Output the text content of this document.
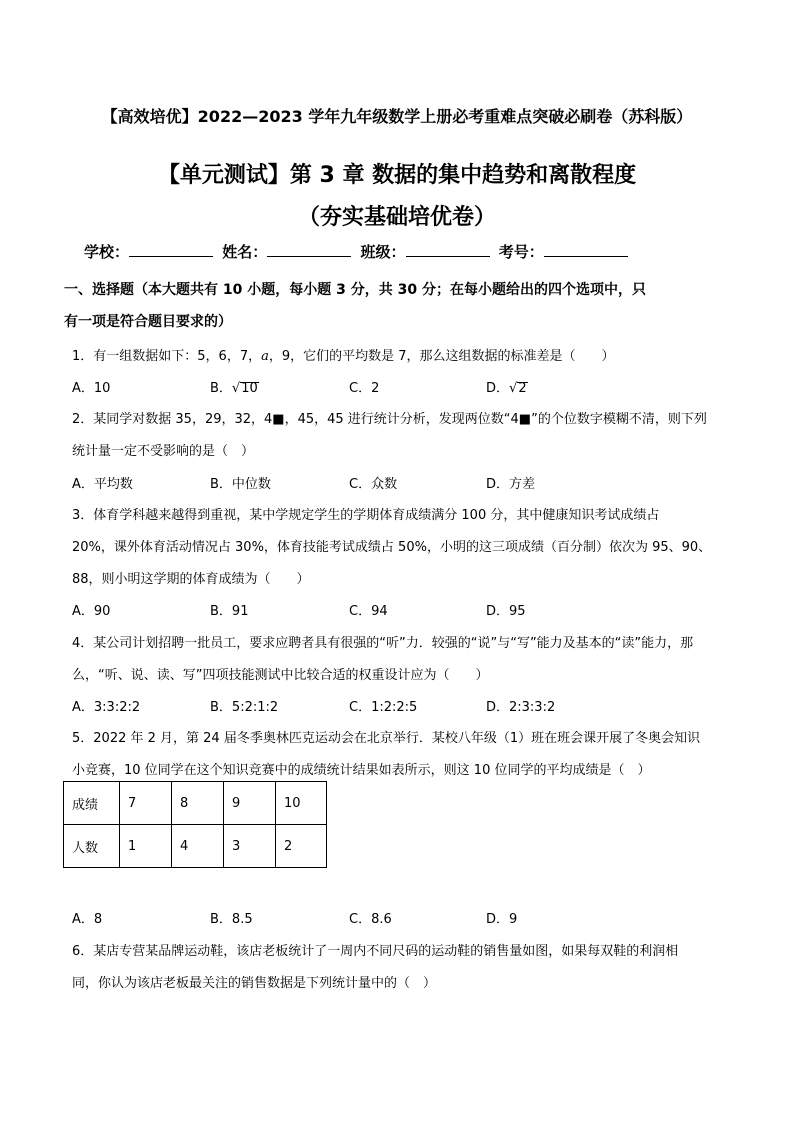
【高效培优】2022—2023 学年九年级数学上册必考重难点突破必刷卷（苏科版）
【单元测试】第 3 章 数据的集中趋势和离散程度
（夯实基础培优卷）
学校：	姓名：	班级：	考号：
一、选择题（本大题共有 10 小题，每小题 3 分，共 30 分；在每小题给出的四个选项中，只
有一项是符合题目要求的）
1．有一组数据如下：5，6，7，a，9，它们的平均数是 7，那么这组数据的标准差是（　　）
A．10	B．√10	C．2	D．√2
2．某同学对数据 35，29，32，4■，45，45 进行统计分析，发现两位数“4■”的个位数字模糊不清，则下列
统计量一定不受影响的是（　）
A．平均数	B．中位数	C．众数	D．方差
3．体育学科越来越得到重视，某中学规定学生的学期体育成绩满分 100 分，其中健康知识考试成绩占
20%，课外体育活动情况占 30%，体育技能考试成绩占 50%，小明的这三项成绩（百分制）依次为 95、90、
88，则小明这学期的体育成绩为（　　）
A．90	B．91	C．94	D．95
4．某公司计划招聘一批员工，要求应聘者具有很强的“听”力．较强的“说”与“写”能力及基本的“读”能力，那
么，“听、说、读、写”四项技能测试中比较合适的权重设计应为（　　）
A．3:3:2:2	B．5:2:1:2	C．1:2:2:5	D．2:3:3:2
5．2022 年 2 月，第 24 届冬季奥林匹克运动会在北京举行．某校八年级（1）班在班会课开展了冬奥会知识
小竞赛，10 位同学在这个知识竞赛中的成绩统计结果如表所示，则这 10 位同学的平均成绩是（　）
成绩	7	8	9	10
人数	1	4	3	2
A．8	B．8.5	C．8.6	D．9
6．某店专营某品牌运动鞋，该店老板统计了一周内不同尺码的运动鞋的销售量如图，如果每双鞋的利润相
同，你认为该店老板最关注的销售数据是下列统计量中的（　）
